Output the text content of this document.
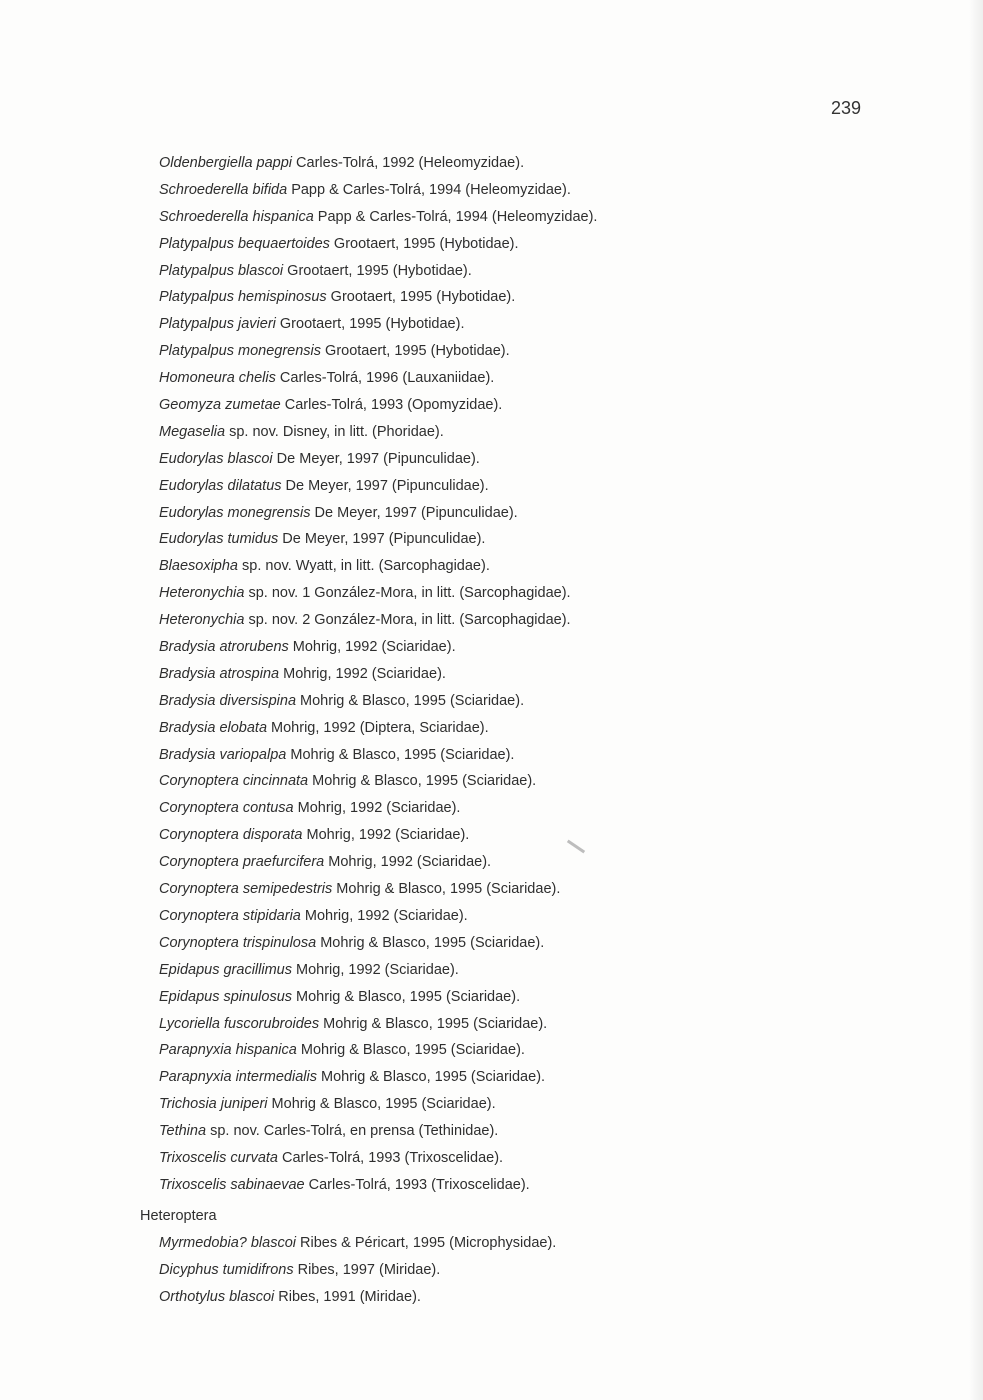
239
Oldenbergiella pappi Carles-Tolrá, 1992 (Heleomyzidae).
Schroederella bifida Papp & Carles-Tolrá, 1994 (Heleomyzidae).
Schroederella hispanica Papp & Carles-Tolrá, 1994 (Heleomyzidae).
Platypalpus bequaertoides Grootaert, 1995 (Hybotidae).
Platypalpus blascoi Grootaert, 1995 (Hybotidae).
Platypalpus hemispinosus Grootaert, 1995 (Hybotidae).
Platypalpus javieri Grootaert, 1995 (Hybotidae).
Platypalpus monegrensis Grootaert, 1995 (Hybotidae).
Homoneura chelis Carles-Tolrá, 1996 (Lauxaniidae).
Geomyza zumetae Carles-Tolrá, 1993 (Opomyzidae).
Megaselia sp. nov. Disney, in litt. (Phoridae).
Eudorylas blascoi De Meyer, 1997 (Pipunculidae).
Eudorylas dilatatus De Meyer, 1997 (Pipunculidae).
Eudorylas monegrensis De Meyer, 1997 (Pipunculidae).
Eudorylas tumidus De Meyer, 1997 (Pipunculidae).
Blaesoxipha sp. nov. Wyatt, in litt. (Sarcophagidae).
Heteronychia sp. nov. 1 González-Mora, in litt. (Sarcophagidae).
Heteronychia sp. nov. 2 González-Mora, in litt. (Sarcophagidae).
Bradysia atrorubens Mohrig, 1992 (Sciaridae).
Bradysia atrospina Mohrig, 1992 (Sciaridae).
Bradysia diversispina Mohrig & Blasco, 1995 (Sciaridae).
Bradysia elobata Mohrig, 1992 (Diptera, Sciaridae).
Bradysia variopalpa Mohrig & Blasco, 1995 (Sciaridae).
Corynoptera cincinnata Mohrig & Blasco, 1995 (Sciaridae).
Corynoptera contusa Mohrig, 1992 (Sciaridae).
Corynoptera disporata Mohrig, 1992 (Sciaridae).
Corynoptera praefurcifera Mohrig, 1992 (Sciaridae).
Corynoptera semipedestris Mohrig & Blasco, 1995 (Sciaridae).
Corynoptera stipidaria Mohrig, 1992 (Sciaridae).
Corynoptera trispinulosa Mohrig & Blasco, 1995 (Sciaridae).
Epidapus gracillimus Mohrig, 1992 (Sciaridae).
Epidapus spinulosus Mohrig & Blasco, 1995 (Sciaridae).
Lycoriella fuscorubroides Mohrig & Blasco, 1995 (Sciaridae).
Parapnyxia hispanica Mohrig & Blasco, 1995 (Sciaridae).
Parapnyxia intermedialis Mohrig & Blasco, 1995 (Sciaridae).
Trichosia juniperi Mohrig & Blasco, 1995 (Sciaridae).
Tethina sp. nov. Carles-Tolrá, en prensa (Tethinidae).
Trixoscelis curvata Carles-Tolrá, 1993 (Trixoscelidae).
Trixoscelis sabinaevae Carles-Tolrá, 1993 (Trixoscelidae).
Heteroptera
Myrmedobia? blascoi Ribes & Péricart, 1995 (Microphysidae).
Dicyphus tumidifrons Ribes, 1997 (Miridae).
Orthotylus blascoi Ribes, 1991 (Miridae).
